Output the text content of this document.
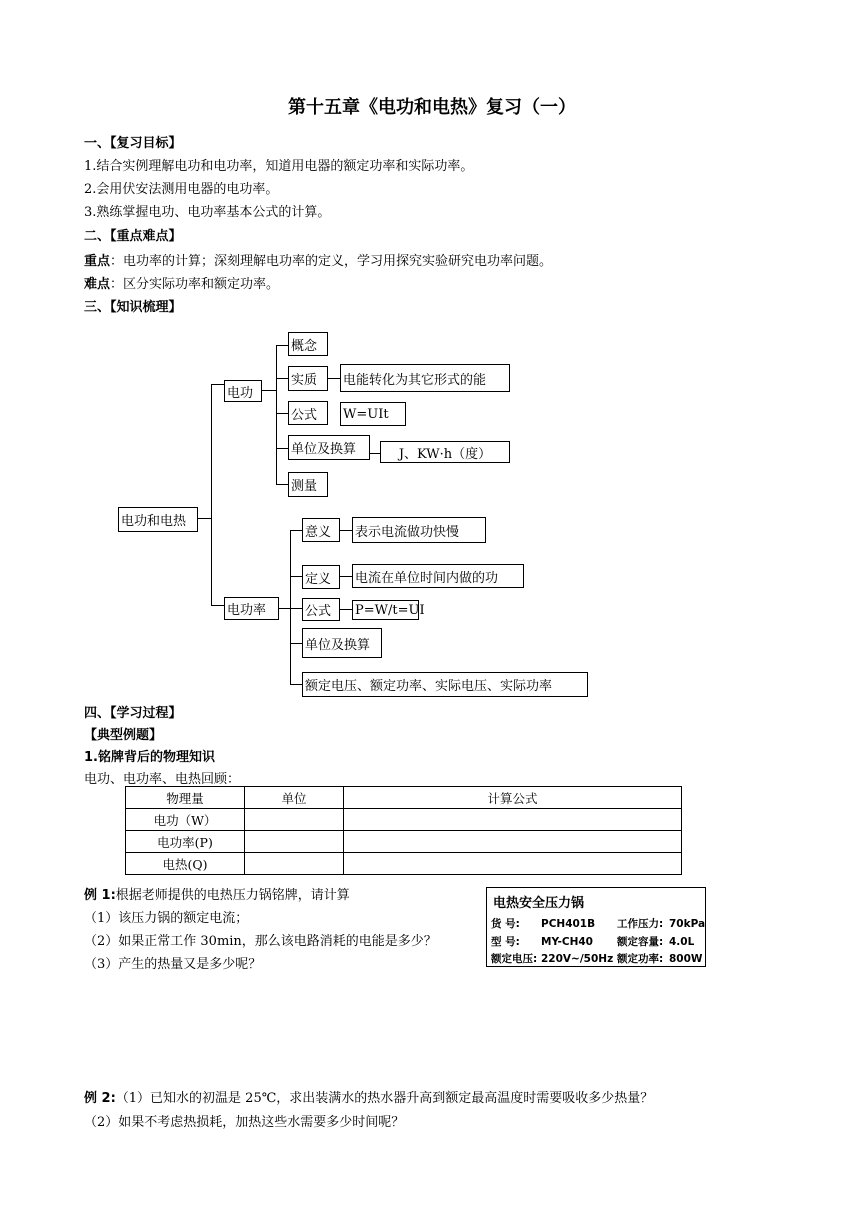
第十五章《电功和电热》复习（一）
一、【复习目标】
1.结合实例理解电功和电功率，知道用电器的额定功率和实际功率。
2.会用伏安法测用电器的电功率。
3.熟练掌握电功、电功率基本公式的计算。
二、【重点难点】
重点：电功率的计算；深刻理解电功率的定义，学习用探究实验研究电功率问题。
难点：区分实际功率和额定功率。
三、【知识梳理】
电功和电热
电功
概念
实质	电能转化为其它形式的能
公式	W=UIt
单位及换算	J、KW·h（度）
测量
电功率
意义	表示电流做功快慢
定义	电流在单位时间内做的功
公式	P=W/t=UI
单位及换算
额定电压、额定功率、实际电压、实际功率
四、【学习过程】
【典型例题】
1.铭牌背后的物理知识
电功、电功率、电热回顾：
物理量	单位	计算公式
电功（W）		
电功率(P)		
电热(Q)		
例 1:根据老师提供的电热压力锅铭牌，请计算
（1）该压力锅的额定电流；
（2）如果正常工作 30min，那么该电路消耗的电能是多少？
（3）产生的热量又是多少呢？
电热安全压力锅
货 号: PCH401B 工作压力: 70kPa
型 号: MY-CH40 额定容量: 4.0L
额定电压: 220V~/50Hz 额定功率: 800W
例 2:（1）已知水的初温是 25℃，求出装满水的热水器升高到额定最高温度时需要吸收多少热量？
（2）如果不考虑热损耗，加热这些水需要多少时间呢？
